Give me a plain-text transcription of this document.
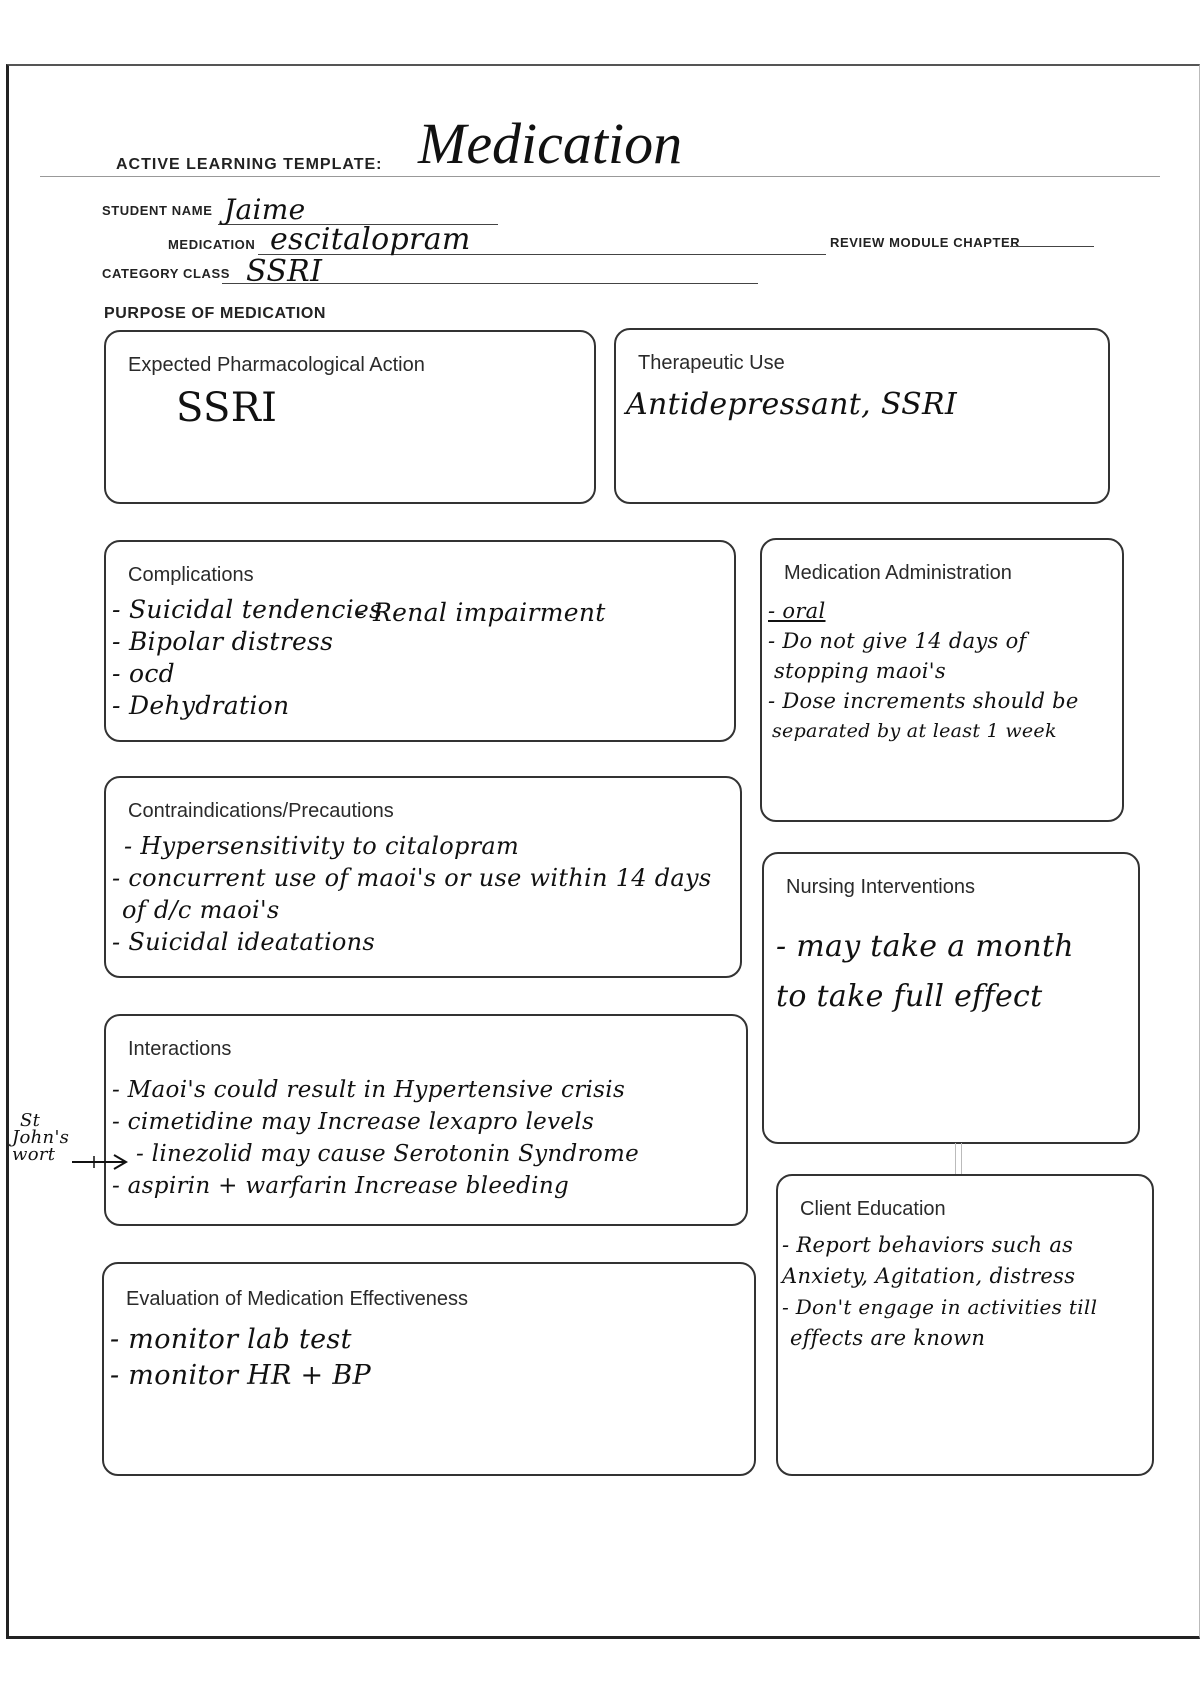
ACTIVE LEARNING TEMPLATE: Medication
STUDENT NAME Jaime
MEDICATION escitalopram	REVIEW MODULE CHAPTER
CATEGORY CLASS SSRI
PURPOSE OF MEDICATION
Expected Pharmacological Action
SSRI
Therapeutic Use
Antidepressant, SSRI
Complications
- Suicidal tendencies
- Bipolar distress
- ocd
- Dehydration
- Renal impairment
Medication Administration
- oral
- Do not give 14 days of
stopping maoi's
- Dose increments should be
separated by at least 1 week
Contraindications/Precautions
- Hypersensitivity to citalopram
- concurrent use of maoi's or use within 14 days
of d/c maoi's
- Suicidal ideatations
Nursing Interventions
- may take a month
to take full effect
Interactions
- Maoi's could result in Hypertensive crisis
- cimetidine may Increase lexapro levels
- linezolid may cause Serotonin Syndrome
- aspirin + warfarin Increase bleeding
St
John's
wort
Evaluation of Medication Effectiveness
- monitor lab test
- monitor HR + BP
Client Education
- Report behaviors such as
Anxiety, Agitation, distress
- Don't engage in activities till
effects are known
